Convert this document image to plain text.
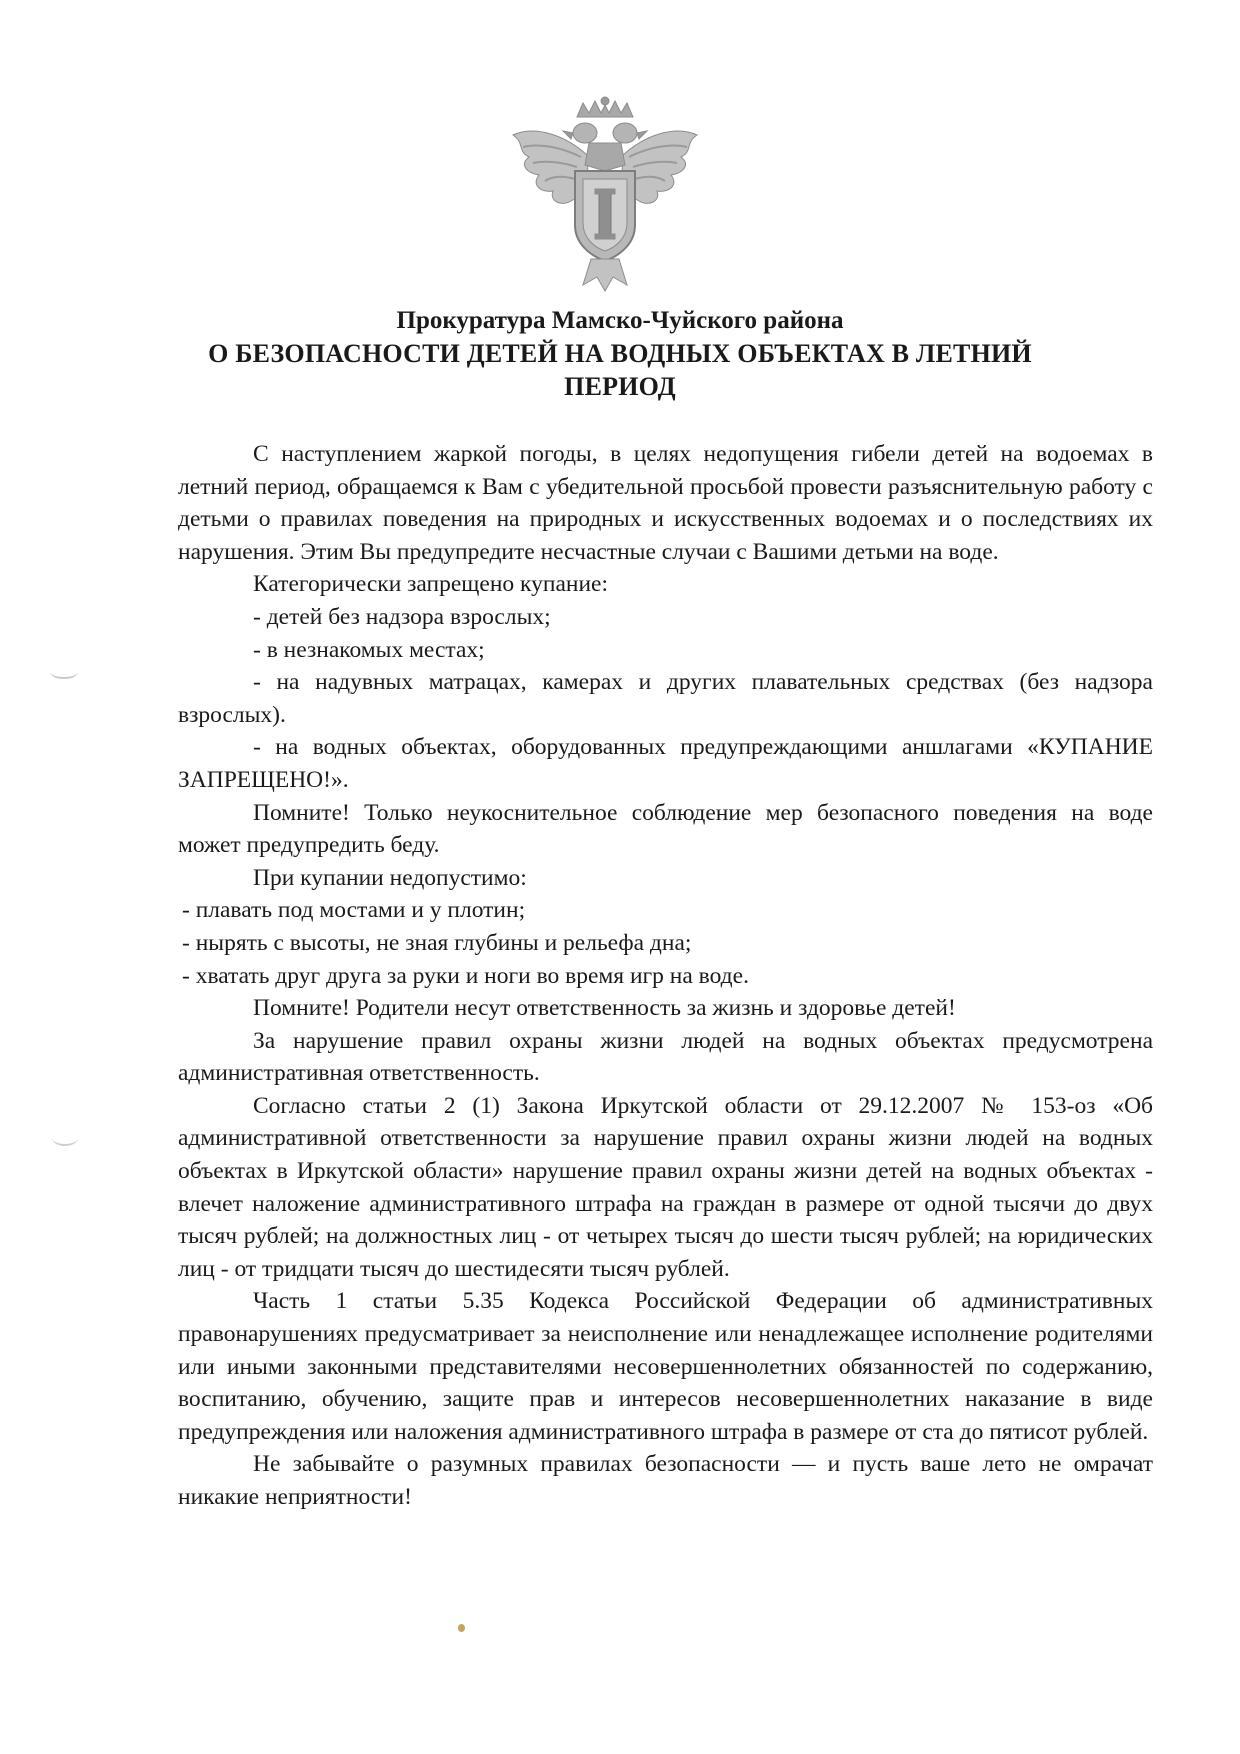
Прокуратура Мамско-Чуйского района

О БЕЗОПАСНОСТИ ДЕТЕЙ НА ВОДНЫХ ОБЪЕКТАХ В ЛЕТНИЙ

ПЕРИОД

С наступлением жаркой погоды, в целях недопущения гибели детей на водоемах в летний период, обращаемся к Вам с убедительной просьбой провести разъяснительную работу с детьми о правилах поведения на природных и искусственных водоемах и о последствиях их нарушения. Этим Вы предупредите несчастные случаи с Вашими детьми на воде.

Категорически запрещено купание:

- детей без надзора взрослых;

- в незнакомых местах;

- на надувных матрацах, камерах и других плавательных средствах (без надзора взрослых).

- на водных объектах, оборудованных предупреждающими аншлагами «КУПАНИЕ ЗАПРЕЩЕНО!».

Помните! Только неукоснительное соблюдение мер безопасного поведения на воде может предупредить беду.

При купании недопустимо:

- плавать под мостами и у плотин;

- нырять с высоты, не зная глубины и рельефа дна;

- хватать друг друга за руки и ноги во время игр на воде.

Помните! Родители несут ответственность за жизнь и здоровье детей!

За нарушение правил охраны жизни людей на водных объектах предусмотрена административная ответственность.

Согласно статьи 2 (1) Закона Иркутской области от 29.12.2007 № 153-оз «Об административной ответственности за нарушение правил охраны жизни людей на водных объектах в Иркутской области» нарушение правил охраны жизни детей на водных объектах - влечет наложение административного штрафа на граждан в размере от одной тысячи до двух тысяч рублей; на должностных лиц - от четырех тысяч до шести тысяч рублей; на юридических лиц - от тридцати тысяч до шестидесяти тысяч рублей.

Часть 1 статьи 5.35 Кодекса Российской Федерации об административных правонарушениях предусматривает за неисполнение или ненадлежащее исполнение родителями или иными законными представителями несовершеннолетних обязанностей по содержанию, воспитанию, обучению, защите прав и интересов несовершеннолетних наказание в виде предупреждения или наложения административного штрафа в размере от ста до пятисот рублей.

Не забывайте о разумных правилах безопасности — и пусть ваше лето не омрачат никакие неприятности!
